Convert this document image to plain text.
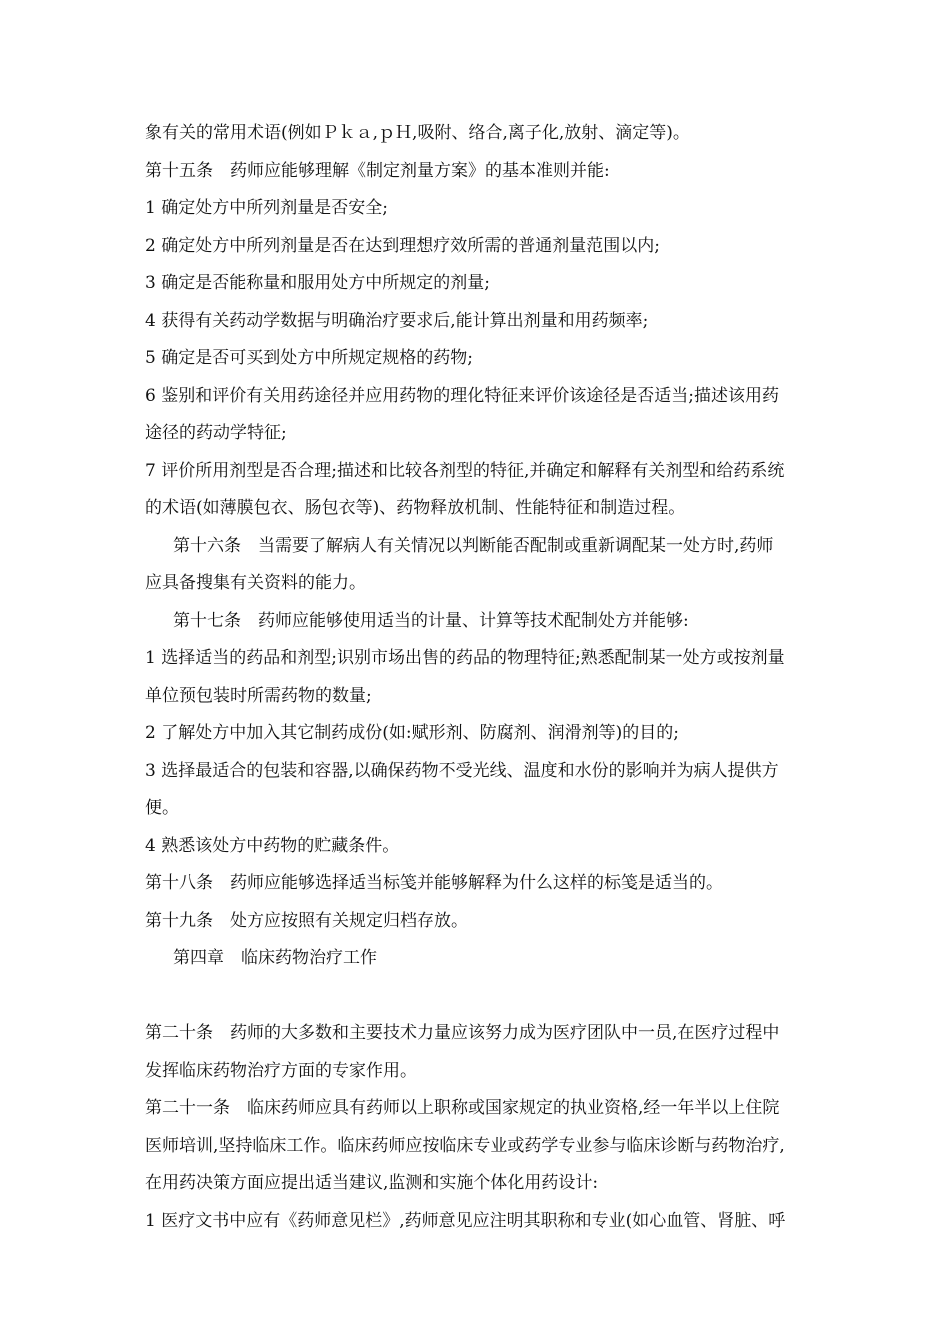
象有关的常用术语(例如Ｐｋａ,ｐＨ,吸附、络合,离子化,放射、滴定等)。

第十五条　药师应能够理解《制定剂量方案》的基本准则并能:

1 确定处方中所列剂量是否安全;

2 确定处方中所列剂量是否在达到理想疗效所需的普通剂量范围以内;

3 确定是否能称量和服用处方中所规定的剂量;

4 获得有关药动学数据与明确治疗要求后,能计算出剂量和用药频率;

5 确定是否可买到处方中所规定规格的药物;

6 鉴别和评价有关用药途径并应用药物的理化特征来评价该途径是否适当;描述该用药

途径的药动学特征;

7 评价所用剂型是否合理;描述和比较各剂型的特征,并确定和解释有关剂型和给药系统

的术语(如薄膜包衣、肠包衣等)、药物释放机制、性能特征和制造过程。

第十六条　当需要了解病人有关情况以判断能否配制或重新调配某一处方时,药师

应具备搜集有关资料的能力。

第十七条　药师应能够使用适当的计量、计算等技术配制处方并能够:

1 选择适当的药品和剂型;识别市场出售的药品的物理特征;熟悉配制某一处方或按剂量

单位预包装时所需药物的数量;

2 了解处方中加入其它制药成份(如:赋形剂、防腐剂、润滑剂等)的目的;

3 选择最适合的包装和容器,以确保药物不受光线、温度和水份的影响并为病人提供方

便。

4 熟悉该处方中药物的贮藏条件。

第十八条　药师应能够选择适当标笺并能够解释为什么这样的标笺是适当的。

第十九条　处方应按照有关规定归档存放。

第四章　临床药物治疗工作

第二十条　药师的大多数和主要技术力量应该努力成为医疗团队中一员,在医疗过程中

发挥临床药物治疗方面的专家作用。

第二十一条　临床药师应具有药师以上职称或国家规定的执业资格,经一年半以上住院

医师培训,坚持临床工作。临床药师应按临床专业或药学专业参与临床诊断与药物治疗,

在用药决策方面应提出适当建议,监测和实施个体化用药设计:

1 医疗文书中应有《药师意见栏》,药师意见应注明其职称和专业(如心血管、肾脏、呼
